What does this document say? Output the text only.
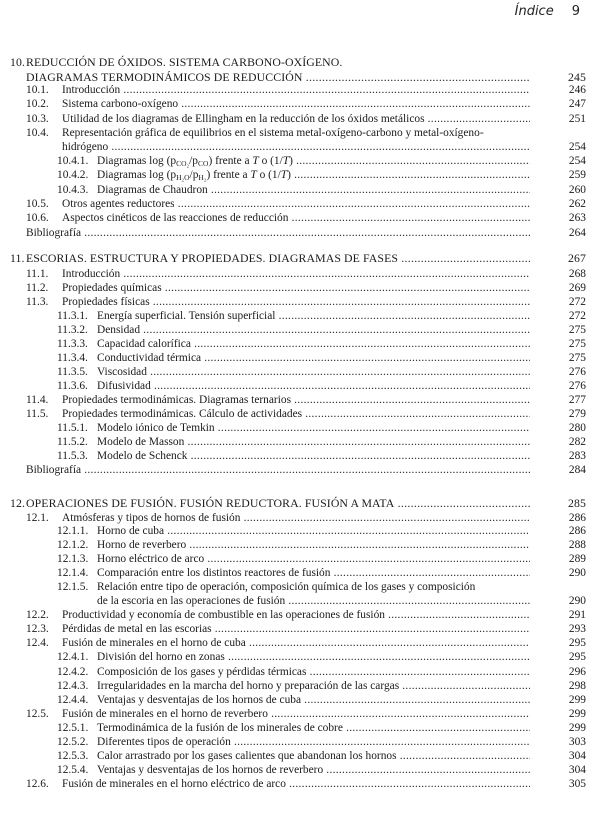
Índice 9
10. REDUCCIÓN DE ÓXIDOS. SISTEMA CARBONO-OXÍGENO.
DIAGRAMAS TERMODINÁMICOS DE REDUCCIÓN .....	245
10.1. Introducción .....	246
10.2. Sistema carbono-oxígeno .....	247
10.3. Utilidad de los diagramas de Ellingham en la reducción de los óxidos metálicos .....	251
10.4. Representación gráfica de equilibrios en el sistema metal-oxígeno-carbono y metal-oxígeno-
hidrógeno .....	254
10.4.1. Diagramas $\log (p_{CO_2}/p_{CO})$ frente a T o (1/T) .....	254
10.4.2. Diagramas $\log (p_{H_2O}/p_{H_2})$ frente a T o (1/T) .....	259
10.4.3. Diagramas de Chaudron .....	260
10.5. Otros agentes reductores .....	262
10.6. Aspectos cinéticos de las reacciones de reducción .....	263
Bibliografía .....	264
11. ESCORIAS. ESTRUCTURA Y PROPIEDADES. DIAGRAMAS DE FASES .....	267
11.1. Introducción .....	268
11.2. Propiedades químicas .....	269
11.3. Propiedades físicas .....	272
11.3.1. Energía superficial. Tensión superficial .....	272
11.3.2. Densidad .....	275
11.3.3. Capacidad calorífica .....	275
11.3.4. Conductividad térmica .....	275
11.3.5. Viscosidad .....	276
11.3.6. Difusividad .....	276
11.4. Propiedades termodinámicas. Diagramas ternarios .....	277
11.5. Propiedades termodinámicas. Cálculo de actividades .....	279
11.5.1. Modelo iónico de Temkin .....	280
11.5.2. Modelo de Masson .....	282
11.5.3. Modelo de Schenck .....	283
Bibliografía .....	284
12. OPERACIONES DE FUSIÓN. FUSIÓN REDUCTORA. FUSIÓN A MATA .....	285
12.1. Atmósferas y tipos de hornos de fusión .....	286
12.1.1. Horno de cuba .....	286
12.1.2. Horno de reverbero .....	288
12.1.3. Horno eléctrico de arco .....	289
12.1.4. Comparación entre los distintos reactores de fusión .....	290
12.1.5. Relación entre tipo de operación, composición química de los gases y composición
de la escoria en las operaciones de fusión .....	290
12.2. Productividad y economía de combustible en las operaciones de fusión .....	291
12.3. Pérdidas de metal en las escorias .....	293
12.4. Fusión de minerales en el horno de cuba .....	295
12.4.1. División del horno en zonas .....	295
12.4.2. Composición de los gases y pérdidas térmicas .....	296
12.4.3. Irregularidades en la marcha del horno y preparación de las cargas .....	298
12.4.4. Ventajas y desventajas de los hornos de cuba .....	299
12.5. Fusión de minerales en el horno de reverbero .....	299
12.5.1. Termodinámica de la fusión de los minerales de cobre .....	299
12.5.2. Diferentes tipos de operación .....	303
12.5.3. Calor arrastrado por los gases calientes que abandonan los hornos .....	304
12.5.4. Ventajas y desventajas de los hornos de reverbero .....	304
12.6. Fusión de minerales en el horno eléctrico de arco .....	305
